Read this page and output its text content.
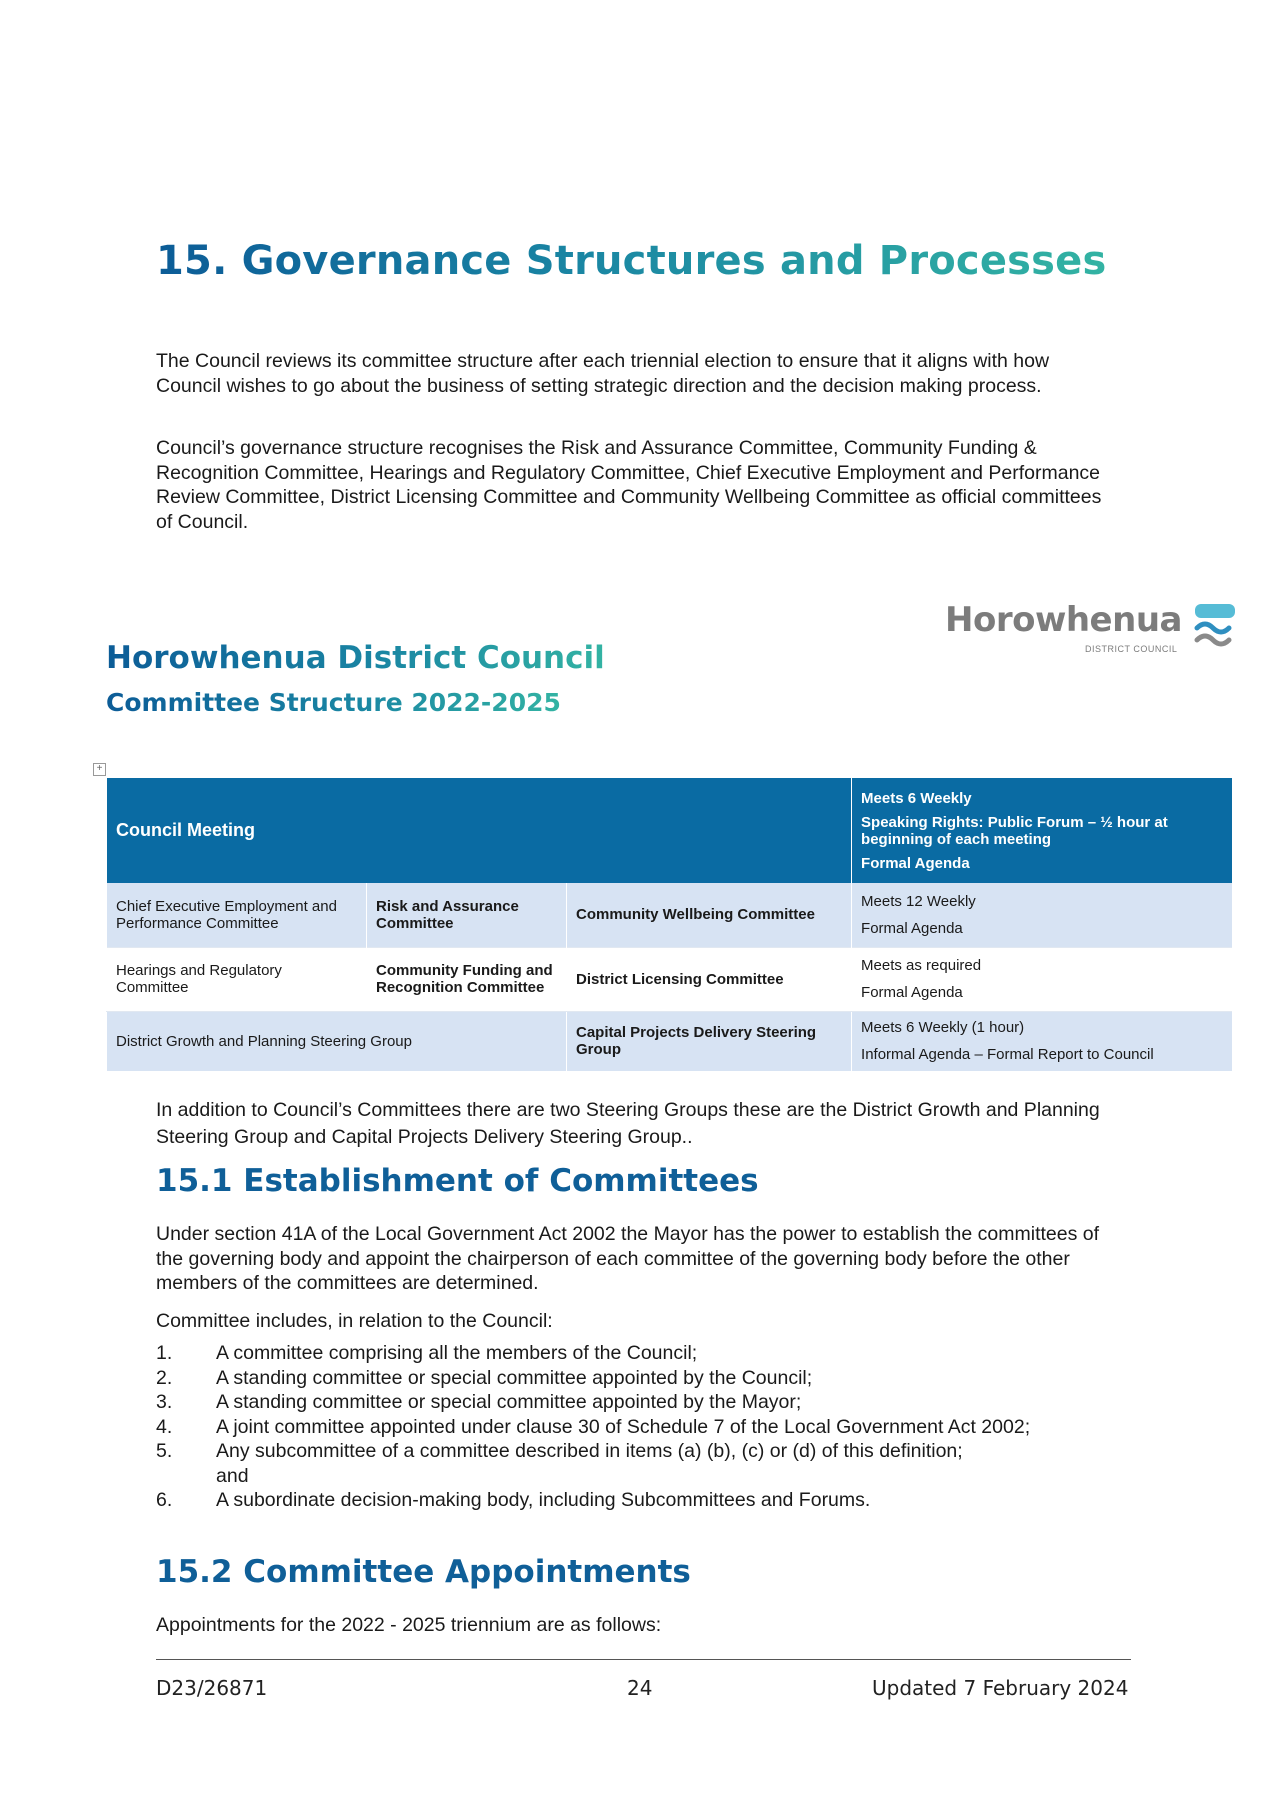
15. Governance Structures and Processes
The Council reviews its committee structure after each triennial election to ensure that it aligns with how Council wishes to go about the business of setting strategic direction and the decision making process.
Council’s governance structure recognises the Risk and Assurance Committee, Community Funding & Recognition Committee, Hearings and Regulatory Committee, Chief Executive Employment and Performance Review Committee, District Licensing Committee and Community Wellbeing Committee as official committees of Council.
Horowhenua
DISTRICT COUNCIL
Horowhenua District Council
Committee Structure 2022-2025
+
Council Meeting			Meets 6 Weekly

Speaking Rights: Public Forum – ½ hour at beginning of each meeting

Formal Agenda

Chief Executive Employment and Performance Committee	Risk and Assurance Committee	Community Wellbeing Committee	Meets 12 Weekly

Formal Agenda

Hearings and Regulatory Committee	Community Funding and Recognition Committee	District Licensing Committee	Meets as required

Formal Agenda

District Growth and Planning Steering Group		Capital Projects Delivery Steering Group	Meets 6 Weekly (1 hour)

Informal Agenda – Formal Report to Council

In addition to Council’s Committees there are two Steering Groups these are the District Growth and Planning Steering Group and Capital Projects Delivery Steering Group..
15.1 Establishment of Committees
Under section 41A of the Local Government Act 2002 the Mayor has the power to establish the committees of the governing body and appoint the chairperson of each committee of the governing body before the other members of the committees are determined.
Committee includes, in relation to the Council:
1. A committee comprising all the members of the Council;
2. A standing committee or special committee appointed by the Council;
3. A standing committee or special committee appointed by the Mayor;
4. A joint committee appointed under clause 30 of Schedule 7 of the Local Government Act 2002;
5. Any subcommittee of a committee described in items (a) (b), (c) or (d) of this definition;
and
6. A subordinate decision-making body, including Subcommittees and Forums.
15.2 Committee Appointments
Appointments for the 2022 - 2025 triennium are as follows:
D23/26871	24	Updated 7 February 2024
